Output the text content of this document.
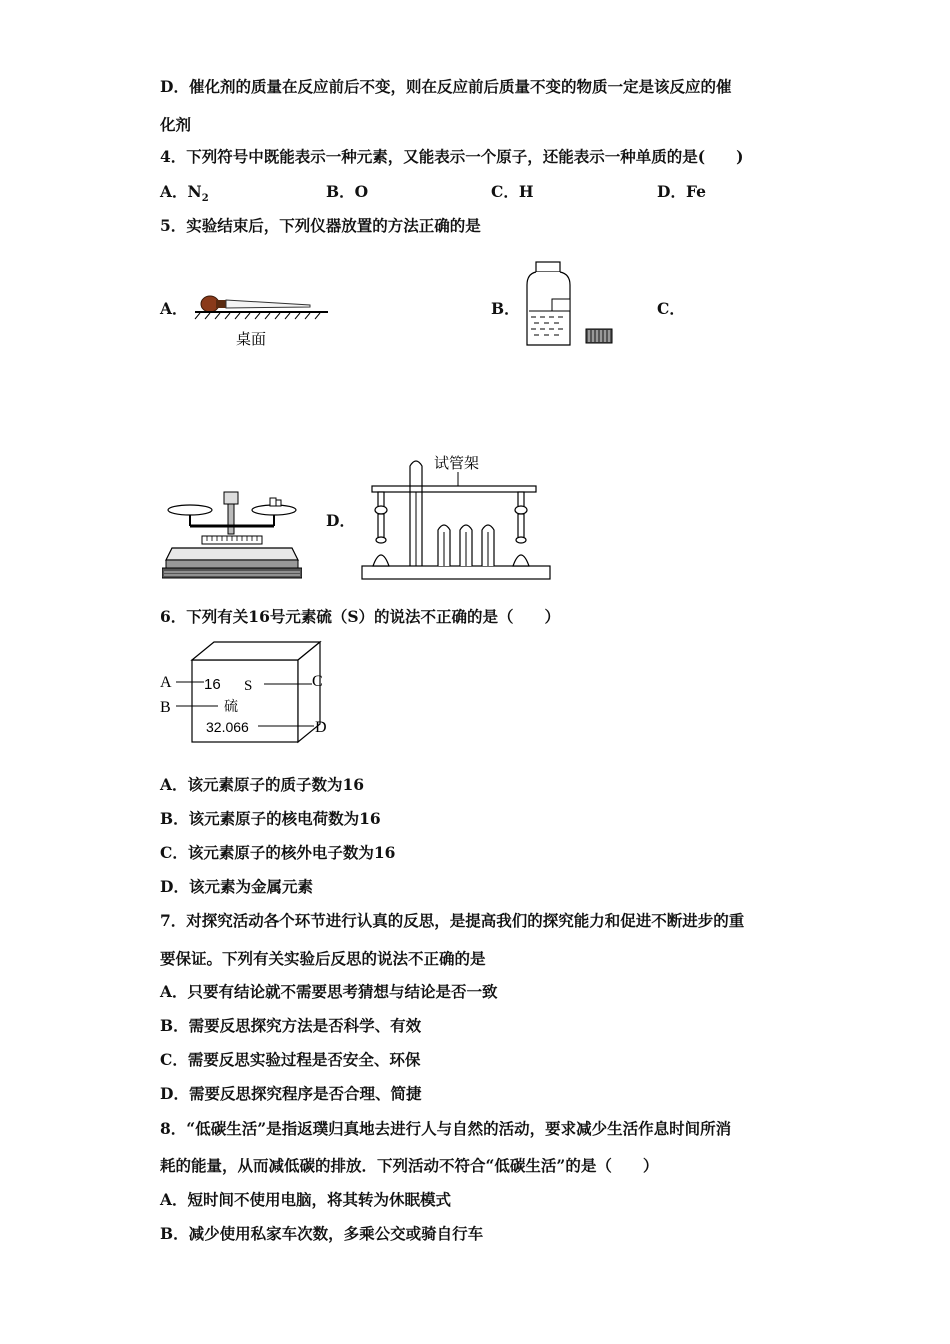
D．催化剂的质量在反应前后不变，则在反应前后质量不变的物质一定是该反应的催
化剂
4．下列符号中既能表示一种元素，又能表示一个原子，还能表示一种单质的是(　　)
A．$N_2$	B．O	C．H	D．Fe
5．实验结束后，下列仪器放置的方法正确的是
A．
桌面
B．	C．
D．
试管架
6．下列有关16号元素硫（S）的说法不正确的是（　　）
A
B
C
D
16 S
硫
32.066
A．该元素原子的质子数为16
B．该元素原子的核电荷数为16
C．该元素原子的核外电子数为16
D．该元素为金属元素
7．对探究活动各个环节进行认真的反思，是提高我们的探究能力和促进不断进步的重
要保证。下列有关实验后反思的说法不正确的是
A．只要有结论就不需要思考猜想与结论是否一致
B．需要反思探究方法是否科学、有效
C．需要反思实验过程是否安全、环保
D．需要反思探究程序是否合理、简捷
8．“低碳生活”是指返璞归真地去进行人与自然的活动，要求减少生活作息时间所消
耗的能量，从而减低碳的排放．下列活动不符合“低碳生活”的是（　　）
A．短时间不使用电脑，将其转为休眠模式
B．减少使用私家车次数，多乘公交或骑自行车
